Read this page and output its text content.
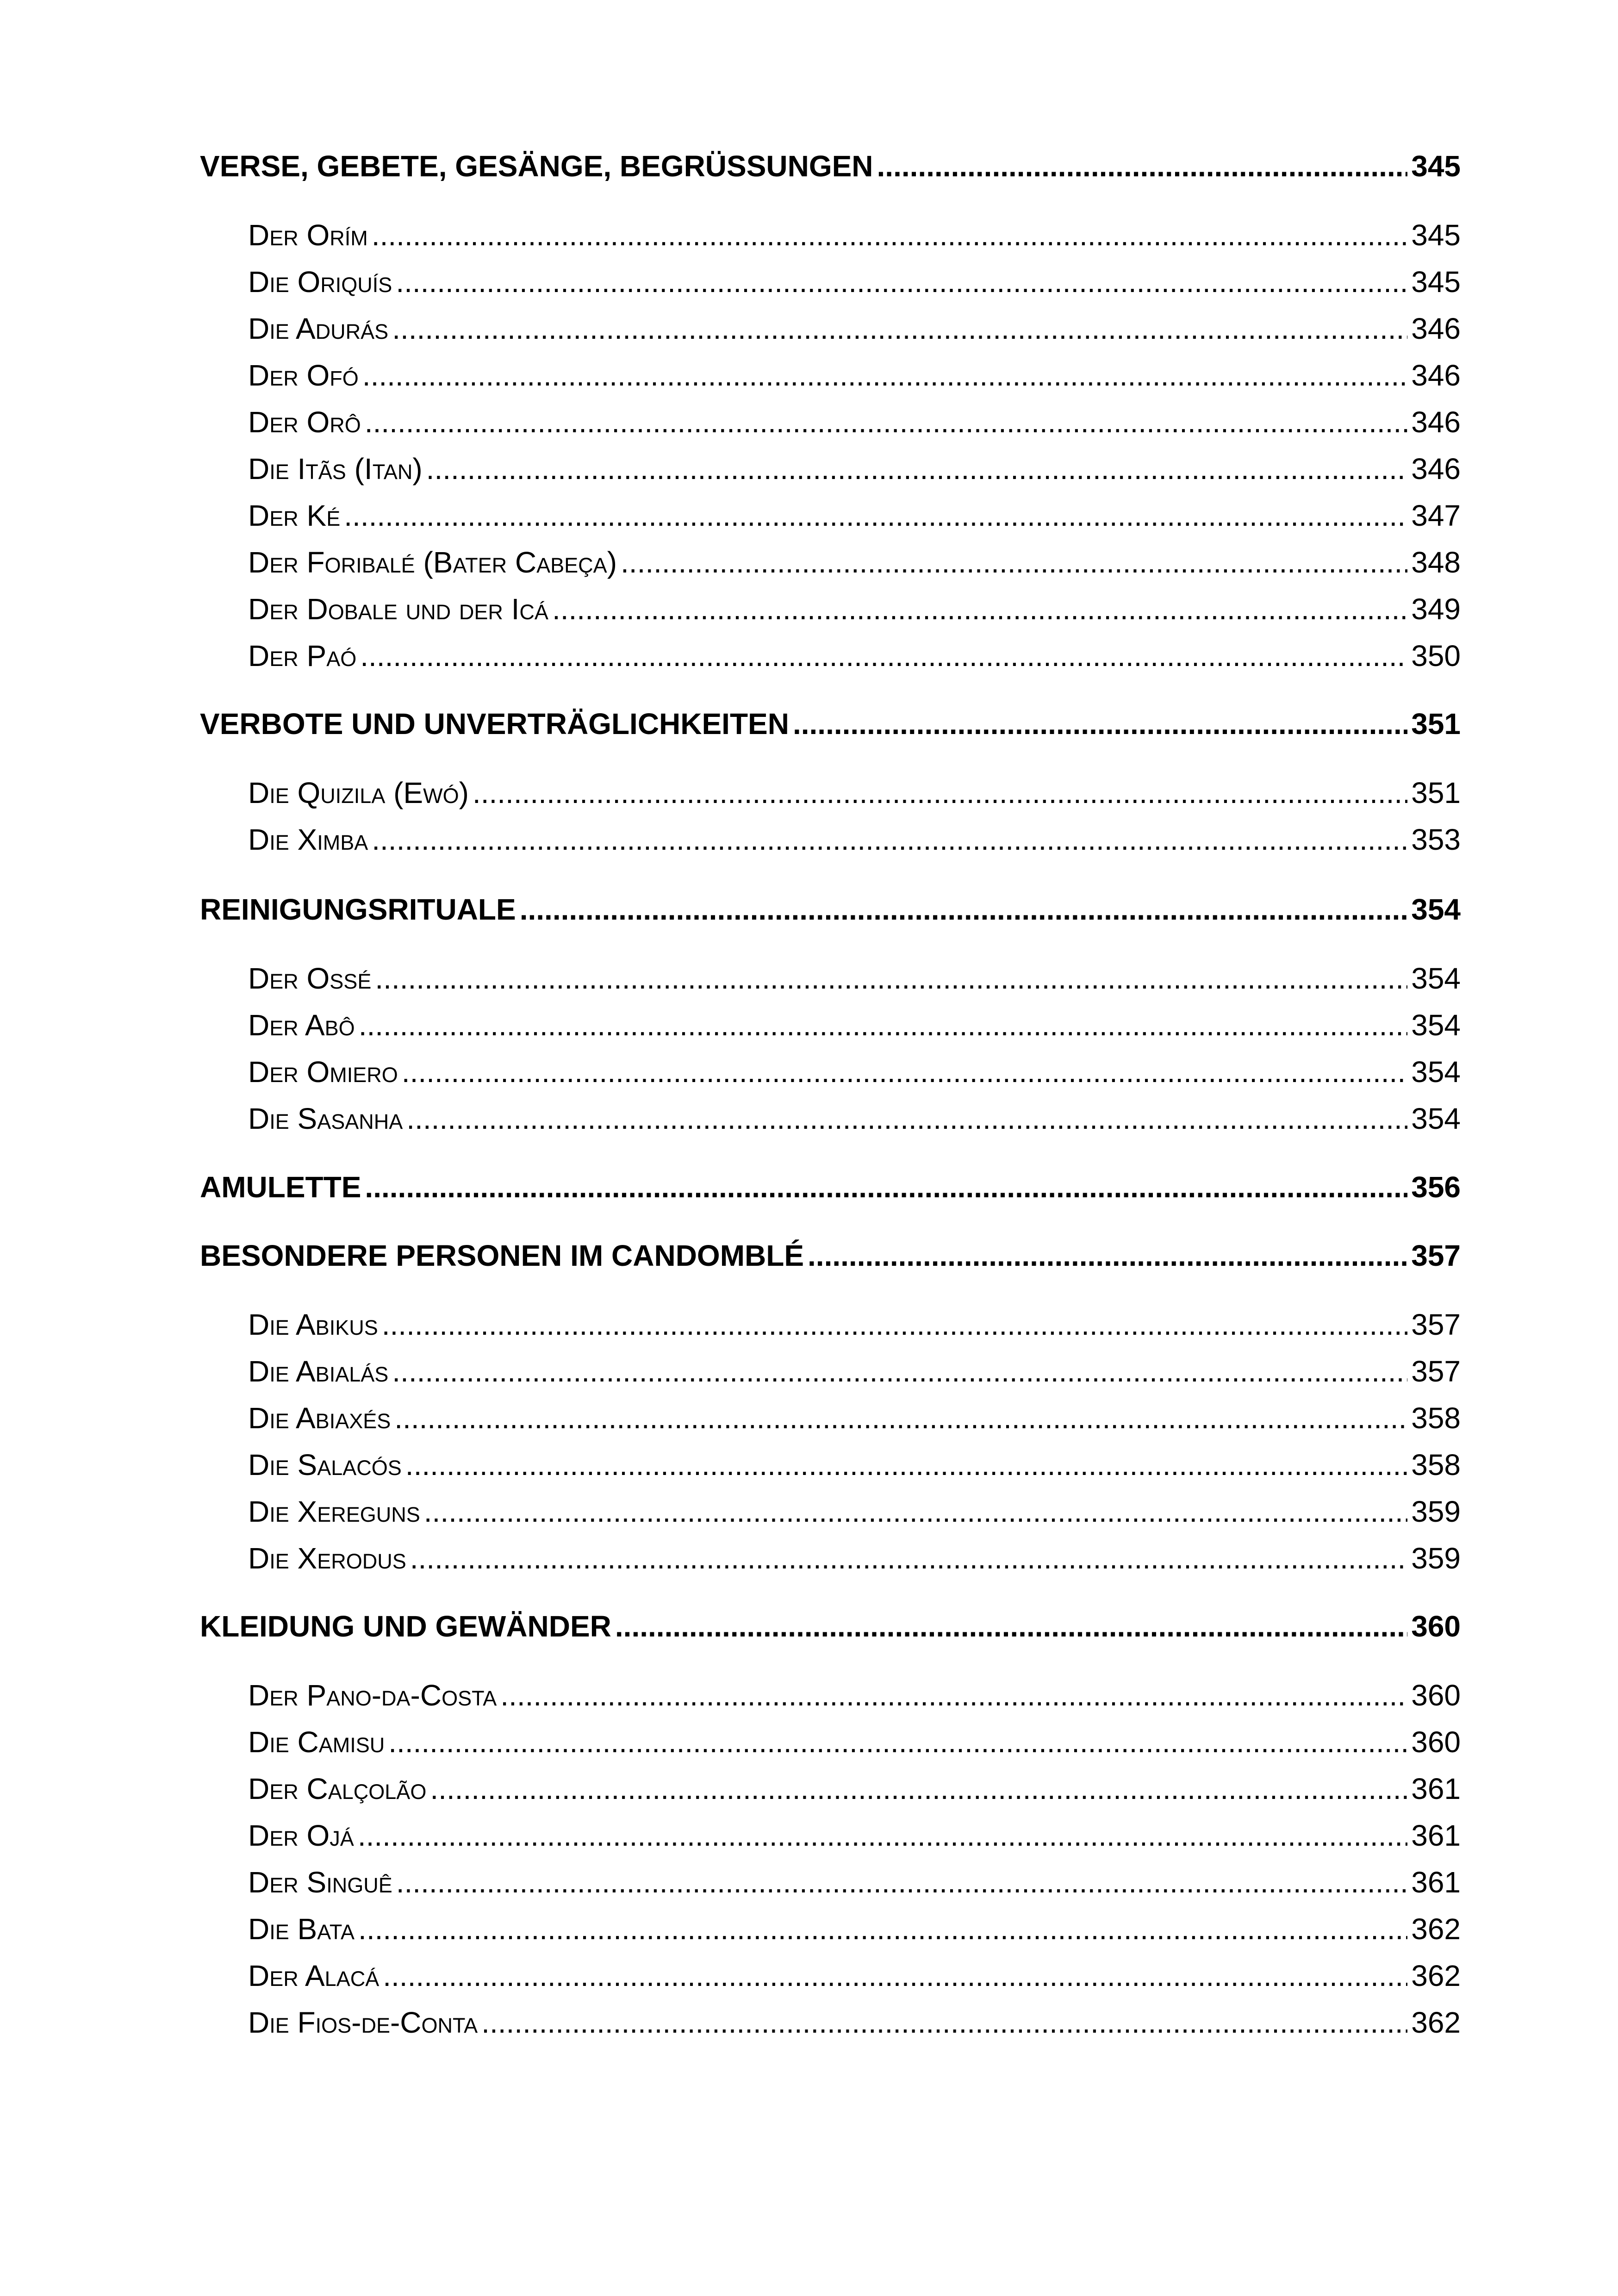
VERSE, GEBETE, GESÄNGE, BEGRÜSSUNGEN .....	345
Der Orím .....	345
Die Oriquís .....	345
Die Adurás .....	346
Der Ofó .....	346
Der Orô .....	346
Die Itãs (Itan) .....	346
Der Ké .....	347
Der Foribalé (Bater Cabeça) .....	348
Der Dobale und der Icá .....	349
Der Paó .....	350
VERBOTE UND UNVERTRÄGLICHKEITEN .....	351
Die Quizila (Ewó) .....	351
Die Ximba .....	353
REINIGUNGSRITUALE .....	354
Der Ossé .....	354
Der Abô .....	354
Der Omiero .....	354
Die Sasanha .....	354
AMULETTE .....	356
BESONDERE PERSONEN IM CANDOMBLÉ .....	357
Die Abikus .....	357
Die Abialás .....	357
Die Abiaxés .....	358
Die Salacós .....	358
Die Xereguns .....	359
Die Xerodus .....	359
KLEIDUNG UND GEWÄNDER .....	360
Der Pano-da-Costa .....	360
Die Camisu .....	360
Der Calçolão .....	361
Der Ojá .....	361
Der Singuê .....	361
Die Bata .....	362
Der Alacá .....	362
Die Fios-de-Conta .....	362
